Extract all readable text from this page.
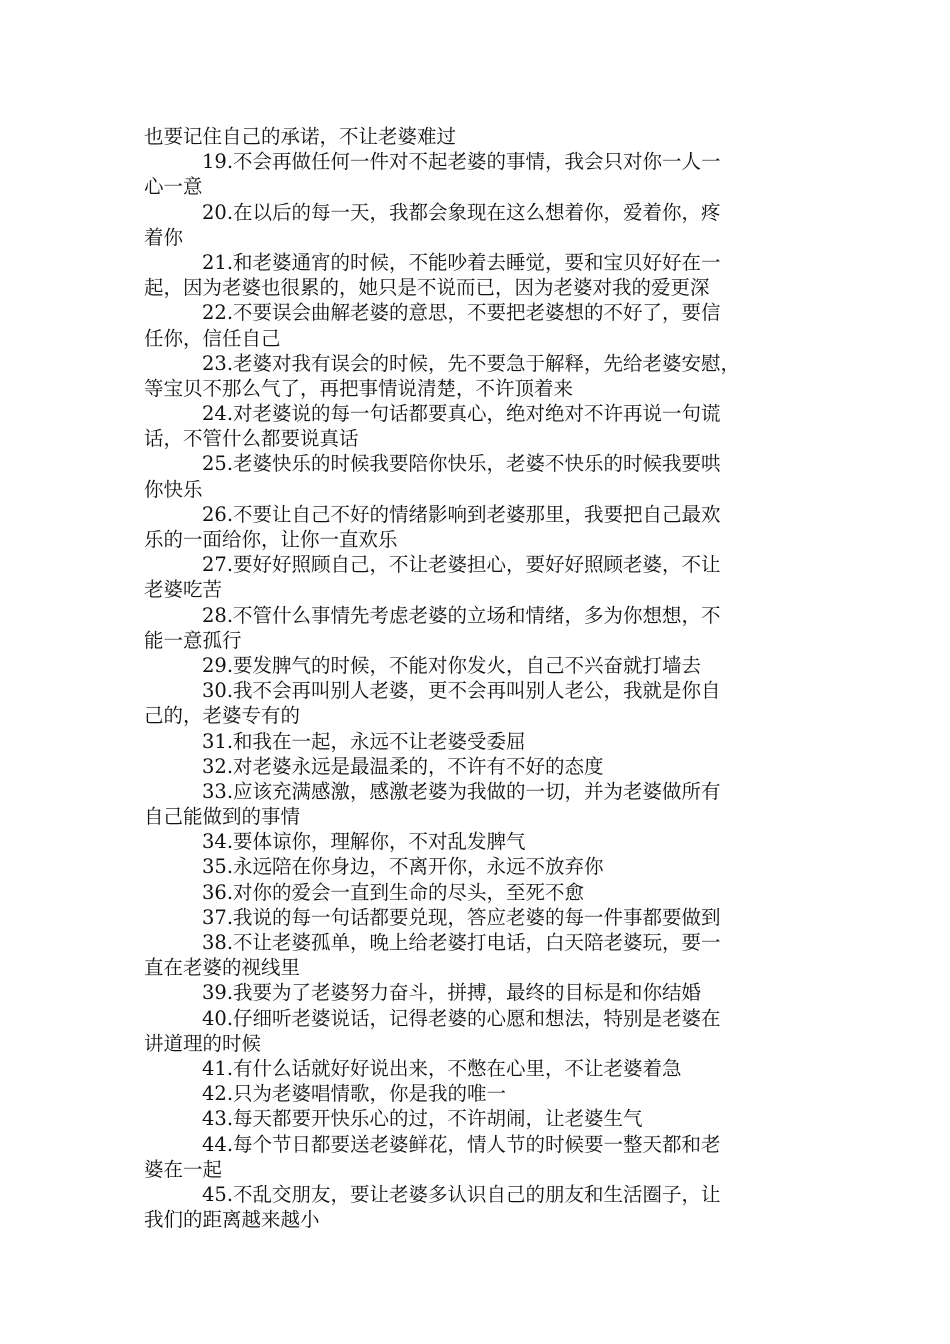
也要记住自己的承诺，不让老婆难过
19.不会再做任何一件对不起老婆的事情，我会只对你一人一
心一意
20.在以后的每一天，我都会象现在这么想着你，爱着你，疼
着你
21.和老婆通宵的时候，不能吵着去睡觉，要和宝贝好好在一
起，因为老婆也很累的，她只是不说而已，因为老婆对我的爱更深
22.不要误会曲解老婆的意思，不要把老婆想的不好了，要信
任你，信任自己
23.老婆对我有误会的时候，先不要急于解释，先给老婆安慰，
等宝贝不那么气了，再把事情说清楚，不许顶着来
24.对老婆说的每一句话都要真心，绝对绝对不许再说一句谎
话，不管什么都要说真话
25.老婆快乐的时候我要陪你快乐，老婆不快乐的时候我要哄
你快乐
26.不要让自己不好的情绪影响到老婆那里，我要把自己最欢
乐的一面给你，让你一直欢乐
27.要好好照顾自己，不让老婆担心，要好好照顾老婆，不让
老婆吃苦
28.不管什么事情先考虑老婆的立场和情绪，多为你想想，不
能一意孤行
29.要发脾气的时候，不能对你发火，自己不兴奋就打墙去
30.我不会再叫别人老婆，更不会再叫别人老公，我就是你自
己的，老婆专有的
31.和我在一起，永远不让老婆受委屈
32.对老婆永远是最温柔的，不许有不好的态度
33.应该充满感激，感激老婆为我做的一切，并为老婆做所有
自己能做到的事情
34.要体谅你，理解你，不对乱发脾气
35.永远陪在你身边，不离开你，永远不放弃你
36.对你的爱会一直到生命的尽头，至死不愈
37.我说的每一句话都要兑现，答应老婆的每一件事都要做到
38.不让老婆孤单，晚上给老婆打电话，白天陪老婆玩，要一
直在老婆的视线里
39.我要为了老婆努力奋斗，拼搏，最终的目标是和你结婚
40.仔细听老婆说话，记得老婆的心愿和想法，特别是老婆在
讲道理的时候
41.有什么话就好好说出来，不憋在心里，不让老婆着急
42.只为老婆唱情歌，你是我的唯一
43.每天都要开快乐心的过，不许胡闹，让老婆生气
44.每个节日都要送老婆鲜花，情人节的时候要一整天都和老
婆在一起
45.不乱交朋友，要让老婆多认识自己的朋友和生活圈子，让
我们的距离越来越小
